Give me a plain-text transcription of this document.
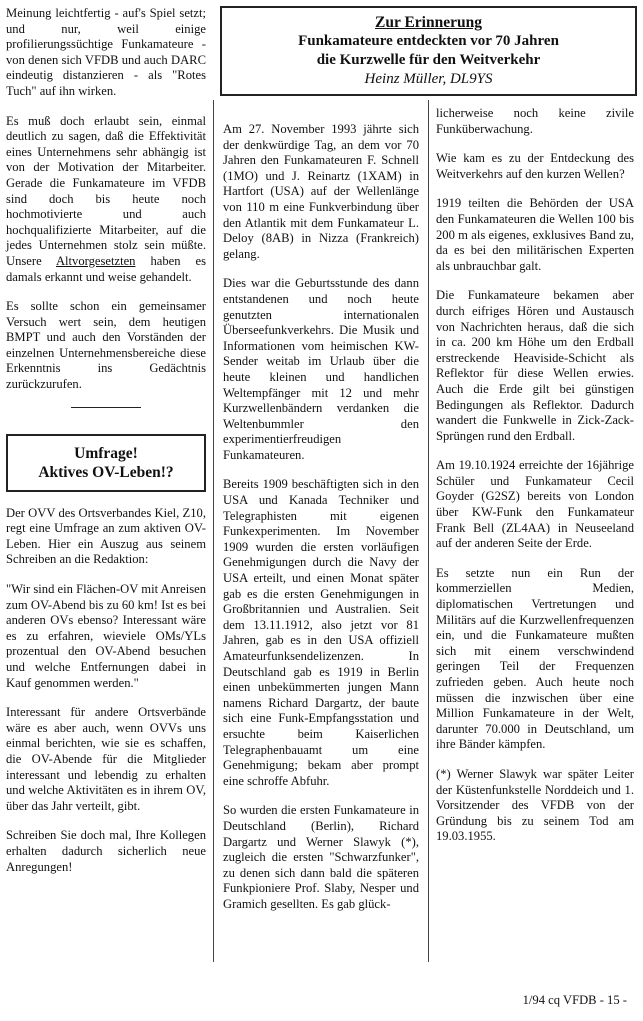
Meinung leichtfertig - auf's Spiel setzt; und nur, weil einige profilierungssüchtige Funkamateure - von denen sich VFDB und auch DARC eindeutig distanzieren - als "Rotes Tuch" auf ihn wirken.

Es muß doch erlaubt sein, einmal deutlich zu sagen, daß die Effektivität eines Unternehmens sehr abhängig ist von der Motivation der Mitarbeiter. Gerade die Funkamateure im VFDB sind doch bis heute noch hochmotivierte und auch hochqualifizierte Mitarbeiter, auf die jedes Unternehmen stolz sein müßte. Unsere Altvorgesetzten haben es damals erkannt und weise gehandelt.

Es sollte schon ein gemeinsamer Versuch wert sein, dem heutigen BMPT und auch den Vorständen der einzelnen Unternehmensbereiche diese Erkenntnis ins Gedächtnis zurückzurufen.

Umfrage!
Aktives OV-Leben!?

Der OVV des Ortsverbandes Kiel, Z10, regt eine Umfrage an zum aktiven OV-Leben. Hier ein Auszug aus seinem Schreiben an die Redaktion:

"Wir sind ein Flächen-OV mit Anreisen zum OV-Abend bis zu 60 km! Ist es bei anderen OVs ebenso? Interessant wäre es zu erfahren, wieviele OMs/YLs prozentual den OV-Abend besuchen und welche Entfernungen dabei in Kauf genommen werden."

Interessant für andere Ortsverbände wäre es aber auch, wenn OVVs uns einmal berichten, wie sie es schaffen, die OV-Abende für die Mitglieder interessant und lebendig zu erhalten und welche Aktivitäten es in ihrem OV, über das Jahr verteilt, gibt.

Schreiben Sie doch mal, Ihre Kollegen erhalten dadurch sicherlich neue Anregungen!

Zur Erinnerung
Funkamateure entdeckten vor 70 Jahren
die Kurzwelle für den Weitverkehr
Heinz Müller, DL9YS

Am 27. November 1993 jährte sich der denkwürdige Tag, an dem vor 70 Jahren den Funkamateuren F. Schnell (1MO) und J. Reinartz (1XAM) in Hartfort (USA) auf der Wellenlänge von 110 m eine Funkverbindung über den Atlantik mit dem Funkamateur L. Deloy (8AB) in Nizza (Frankreich) gelang.

Dies war die Geburtsstunde des dann entstandenen und noch heute genutzten internationalen Überseefunkverkehrs. Die Musik und Informationen vom heimischen KW-Sender weitab im Urlaub über die heute kleinen und handlichen Weltempfänger mit 12 und mehr Kurzwellenbändern verdanken die Weltenbummler den experimentierfreudigen Funkamateuren.

Bereits 1909 beschäftigten sich in den USA und Kanada Techniker und Telegraphisten mit eigenen Funkexperimenten. Im November 1909 wurden die ersten vorläufigen Genehmigungen durch die Navy der USA erteilt, und einen Monat später gab es die ersten Genehmigungen in Großbritannien und Australien. Seit dem 13.11.1912, also jetzt vor 81 Jahren, gab es in den USA offiziell Amateurfunksendelizenzen. In Deutschland gab es 1919 in Berlin einen unbekümmerten jungen Mann namens Richard Dargartz, der baute sich eine Funk-Empfangsstation und ersuchte beim Kaiserlichen Telegraphenbauamt um eine Genehmigung; bekam aber prompt eine schroffe Abfuhr.

So wurden die ersten Funkamateure in Deutschland (Berlin), Richard Dargartz und Werner Slawyk (*), zugleich die ersten "Schwarzfunker", zu denen sich dann bald die späteren Funkpioniere Prof. Slaby, Nesper und Gramich gesellten. Es gab glück-

licherweise noch keine zivile Funküberwachung.

Wie kam es zu der Entdeckung des Weitverkehrs auf den kurzen Wellen?

1919 teilten die Behörden der USA den Funkamateuren die Wellen 100 bis 200 m als eigenes, exklusives Band zu, da es bei den militärischen Experten als unbrauchbar galt.

Die Funkamateure bekamen aber durch eifriges Hören und Austausch von Nachrichten heraus, daß die sich in ca. 200 km Höhe um den Erdball erstreckende Heaviside-Schicht als Reflektor für diese Wellen erwies. Auch die Erde gilt bei günstigen Bedingungen als Reflektor. Dadurch wandert die Funkwelle in Zick-Zack-Sprüngen rund den Erdball.

Am 19.10.1924 erreichte der 16jährige Schüler und Funkamateur Cecil Goyder (G2SZ) bereits von London über KW-Funk den Funkamateur Frank Bell (ZL4AA) in Neuseeland auf der anderen Seite der Erde.

Es setzte nun ein Run der kommerziellen Medien, diplomatischen Vertretungen und Militärs auf die Kurzwellenfrequenzen ein, und die Funkamateure mußten sich mit einem verschwindend geringen Teil der Frequenzen zufrieden geben. Auch heute noch müssen die inzwischen über eine Million Funkamateure in der Welt, darunter 70.000 in Deutschland, um ihre Bänder kämpfen.

(*) Werner Slawyk war später Leiter der Küstenfunkstelle Norddeich und 1. Vorsitzender des VFDB von der Gründung bis zu seinem Tod am 19.03.1955.

1/94 cq VFDB - 15 -
